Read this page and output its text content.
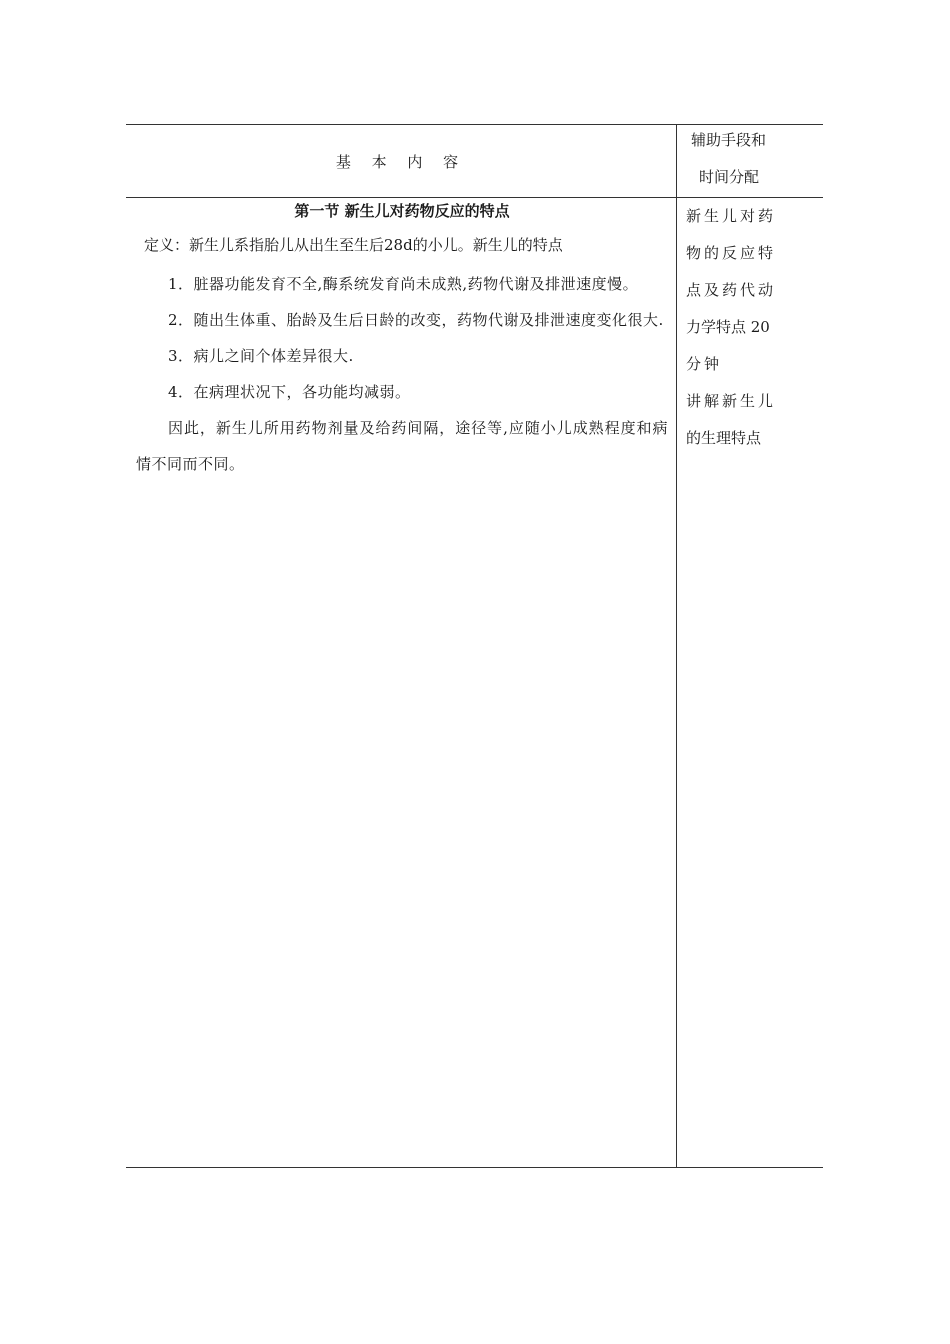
基 本 内 容
辅助手段和
时间分配
第一节 新生儿对药物反应的特点

定义：新生儿系指胎儿从出生至生后28d的小儿。新生儿的特点

1．脏器功能发育不全,酶系统发育尚未成熟,药物代谢及排泄速度慢。

2．随出生体重、胎龄及生后日龄的改变，药物代谢及排泄速度变化很大.

3．病儿之间个体差异很大.

4．在病理状况下，各功能均减弱。

因此，新生儿所用药物剂量及给药间隔，途径等,应随小儿成熟程度和病情不同而不同。

新生儿对药
物的反应特
点及药代动
力学特点 20
分钟
讲解新生儿
的生理特点
